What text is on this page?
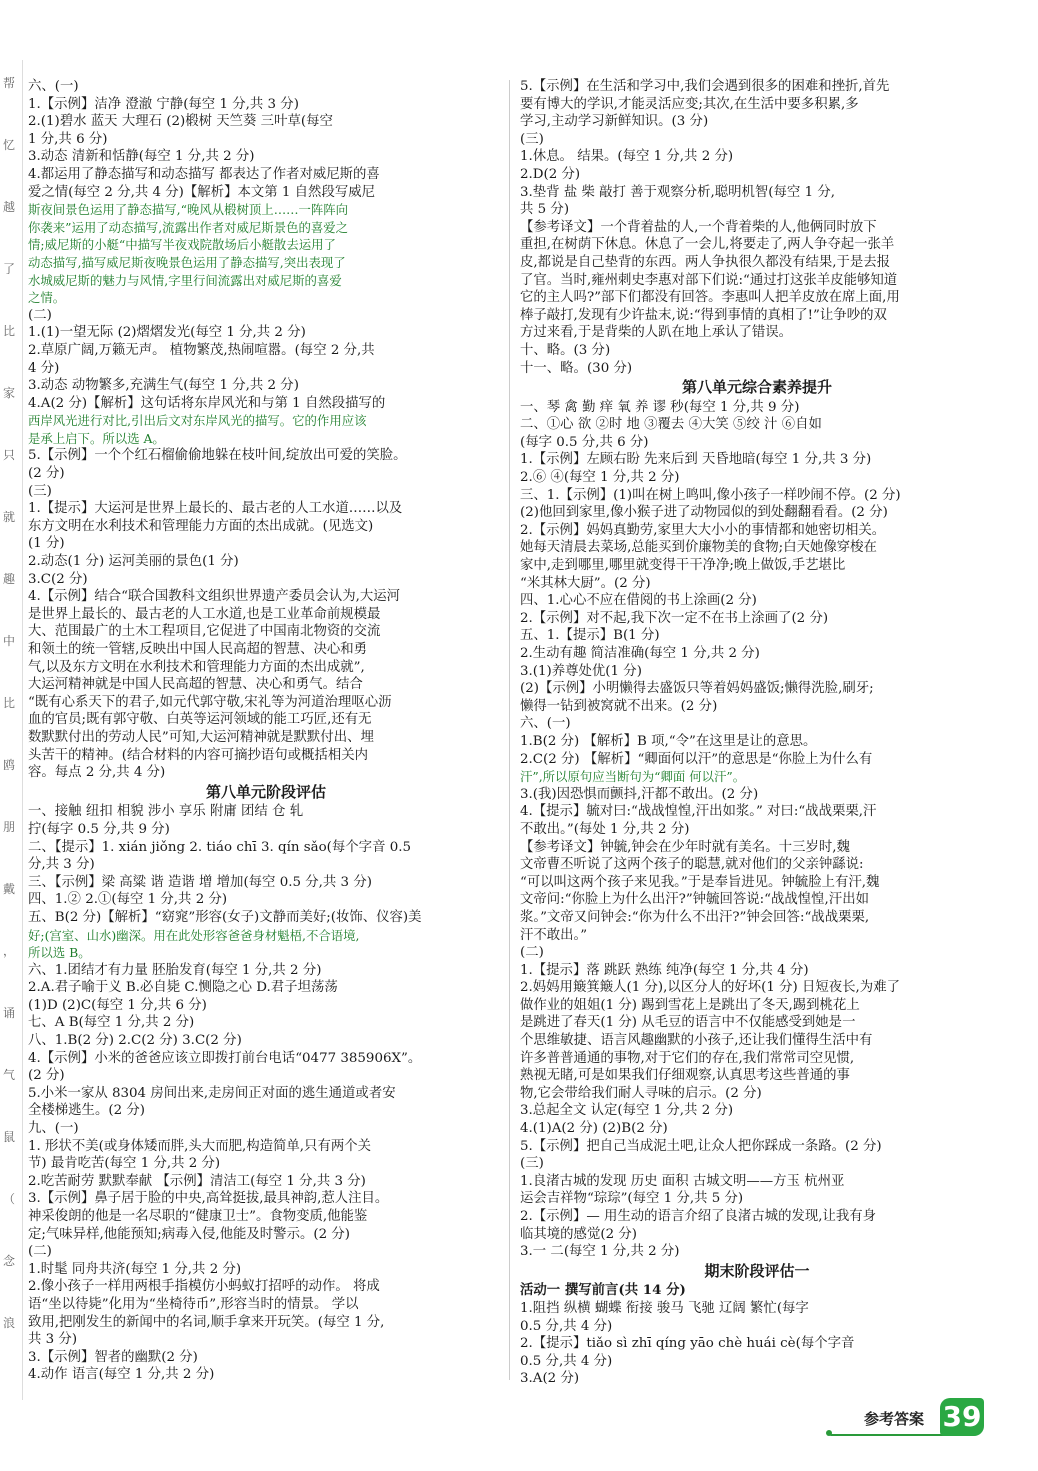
帮
忆
越
了
比
家
只
就
趣
中
比
鸥
朋
戴
，
诵
气
鼠
（
念
浪

六、(一)

1.【示例】洁净 澄澈 宁静(每空 1 分,共 3 分)

2.(1)碧水 蓝天 大理石 (2)椴树 天竺葵 三叶草(每空

1 分,共 6 分)

3.动态 清新和恬静(每空 1 分,共 2 分)

4.都运用了静态描写和动态描写 都表达了作者对威尼斯的喜

爱之情(每空 2 分,共 4 分)【解析】本文第 1 自然段写威尼

斯夜间景色运用了静态描写,“晚风从椴树顶上……一阵阵向

你袭来”运用了动态描写,流露出作者对威尼斯景色的喜爱之

情;威尼斯的小艇“中描写半夜戏院散场后小艇散去运用了

动态描写,描写威尼斯夜晚景色运用了静态描写,突出表现了

水城威尼斯的魅力与风情,字里行间流露出对威尼斯的喜爱

之情。

(二)

1.(1)一望无际 (2)熠熠发光(每空 1 分,共 2 分)

2.草原广阔,万籁无声。 植物繁茂,热闹喧嚣。(每空 2 分,共

4 分)

3.动态 动物繁多,充满生气(每空 1 分,共 2 分)

4.A(2 分)【解析】这句话将东岸风光和与第 1 自然段描写的

西岸风光进行对比,引出后文对东岸风光的描写。它的作用应该

是承上启下。所以选 A。

5.【示例】一个个红石榴偷偷地躲在枝叶间,绽放出可爱的笑脸。

(2 分)

(三)

1.【提示】大运河是世界上最长的、最古老的人工水道……以及

东方文明在水利技术和管理能力方面的杰出成就。(见选文)

(1 分)

2.动态(1 分) 运河美丽的景色(1 分)

3.C(2 分)

4.【示例】结合“联合国教科文组织世界遗产委员会认为,大运河

是世界上最长的、最古老的人工水道,也是工业革命前规模最

大、范围最广的土木工程项目,它促进了中国南北物资的交流

和领土的统一管辖,反映出中国人民高超的智慧、决心和勇

气,以及东方文明在水利技术和管理能力方面的杰出成就”,

大运河精神就是中国人民高超的智慧、决心和勇气。结合

“既有心系天下的君子,如元代郭守敬,宋礼等为河道治理呕心沥

血的官员;既有郭守敬、白英等运河领域的能工巧匠,还有无

数默默付出的劳动人民”可知,大运河精神就是默默付出、埋

头苦干的精神。(结合材料的内容可摘抄语句或概括相关内

容。每点 2 分,共 4 分)

第八单元阶段评估

一、接触 纽扣 相貌 涉小 享乐 附庸 团结 仓 轧

拧(每字 0.5 分,共 9 分)

二、【提示】1. xián jiǒng 2. tiáo chī 3. qín sǎo(每个字音 0.5

分,共 3 分)

三、【示例】梁 高粱 谐 造谐 增 增加(每空 0.5 分,共 3 分)

四、1.② 2.①(每空 1 分,共 2 分)

五、B(2 分)【解析】“窈窕”形容(女子)文静而美好;(妆饰、仪容)美

好;(宫室、山水)幽深。用在此处形容爸爸身材魁梧,不合语境,

所以选 B。

六、1.团结才有力量 胚胎发育(每空 1 分,共 2 分)

2.A.君子喻于义 B.必自毙 C.恻隐之心 D.君子坦荡荡

(1)D (2)C(每空 1 分,共 6 分)

七、A B(每空 1 分,共 2 分)

八、1.B(2 分) 2.C(2 分) 3.C(2 分)

4.【示例】小米的爸爸应该立即拨打前台电话“0477 385906X”。

(2 分)

5.小米一家从 8304 房间出来,走房间正对面的逃生通道或者安

全楼梯逃生。(2 分)

九、(一)

1. 形状不美(或身体矮而胖,头大而肥,构造简单,只有两个关

节) 最肯吃苦(每空 1 分,共 2 分)

2.吃苦耐劳 默默奉献 【示例】清洁工(每空 1 分,共 3 分)

3.【示例】鼻子居于脸的中央,高耸挺拔,最具神韵,惹人注目。

神采俊朗的他是一名尽职的“健康卫士”。食物变质,他能鉴

定;气味异样,他能预知;病毒入侵,他能及时警示。(2 分)

(二)

1.时髦 同舟共济(每空 1 分,共 2 分)

2.像小孩子一样用两根手指模仿小蚂蚁打招呼的动作。 将成

语“坐以待毙”化用为“坐椅待币”,形容当时的情景。 学以

致用,把刚发生的新闻中的名词,顺手拿来开玩笑。(每空 1 分,

共 3 分)

3.【示例】智者的幽默(2 分)

4.动作 语言(每空 1 分,共 2 分)

5.【示例】在生活和学习中,我们会遇到很多的困难和挫折,首先

要有博大的学识,才能灵活应变;其次,在生活中要多积累,多

学习,主动学习新鲜知识。(3 分)

(三)

1.休息。 结果。(每空 1 分,共 2 分)

2.D(2 分)

3.垫背 盐 柴 敲打 善于观察分析,聪明机智(每空 1 分,

共 5 分)

【参考译文】一个背着盐的人,一个背着柴的人,他俩同时放下

重担,在树荫下休息。休息了一会儿,将要走了,两人争夺起一张羊

皮,都说是自己垫背的东西。两人争执很久都没有结果,于是去报

了官。当时,雍州刺史李惠对部下们说:“通过打这张羊皮能够知道

它的主人吗?”部下们都没有回答。李惠叫人把羊皮放在席上面,用

棒子敲打,发现有少许盐末,说:“得到事情的真相了!”让争吵的双

方过来看,于是背柴的人趴在地上承认了错误。

十、略。(3 分)

十一、略。(30 分)

第八单元综合素养提升

一、琴 禽 勤 痒 氧 养 谬 秒(每空 1 分,共 9 分)

二、①心 欲 ②时 地 ③覆去 ④大笑 ⑤绞 汁 ⑥自如

(每字 0.5 分,共 6 分)

1.【示例】左顾右盼 先来后到 天昏地暗(每空 1 分,共 3 分)

2.⑥ ④(每空 1 分,共 2 分)

三、1.【示例】(1)叫在树上鸣叫,像小孩子一样吵闹不停。(2 分)

(2)他回到家里,像小猴子进了动物园似的到处翻翻看看。(2 分)

2.【示例】妈妈真勤劳,家里大大小小的事情都和她密切相关。

她每天清晨去菜场,总能买到价廉物美的食物;白天她像穿梭在

家中,走到哪里,哪里就变得干干净净;晚上做饭,手艺堪比

“米其林大厨”。(2 分)

四、1.心心不应在借阅的书上涂画(2 分)

2.【示例】对不起,我下次一定不在书上涂画了(2 分)

五、1.【提示】B(1 分)

2.生动有趣 简洁准确(每空 1 分,共 2 分)

3.(1)养尊处优(1 分)

(2)【示例】小明懒得去盛饭只等着妈妈盛饭;懒得洗脸,刷牙;

懒得一钻到被窝就不出来。(2 分)

六、(一)

1.B(2 分) 【解析】B 项,“令”在这里是让的意思。

2.C(2 分) 【解析】“卿面何以汗”的意思是“你脸上为什么有

汗”,所以原句应当断句为“卿面 何以汗”。

3.(我)因恐惧而颤抖,汗都不敢出。(2 分)

4.【提示】毓对曰:“战战惶惶,汗出如浆。” 对曰:“战战栗栗,汗

不敢出。”(每处 1 分,共 2 分)

【参考译文】钟毓,钟会在少年时就有美名。十三岁时,魏

文帝曹丕听说了这两个孩子的聪慧,就对他们的父亲钟繇说:

“可以叫这两个孩子来见我。”于是奉旨进见。钟毓脸上有汗,魏

文帝问:“你脸上为什么出汗?”钟毓回答说:“战战惶惶,汗出如

浆。”文帝又问钟会:“你为什么不出汗?”钟会回答:“战战栗栗,

汗不敢出。”

(二)

1.【提示】落 跳跃 熟练 纯净(每空 1 分,共 4 分)

2.妈妈用簸箕簸人(1 分),以区分人的好坏(1 分) 日短夜长,为难了

做作业的姐姐(1 分) 踢到雪花上是跳出了冬天,踢到桃花上

是跳进了春天(1 分) 从毛豆的语言中不仅能感受到她是一

个思维敏捷、语言风趣幽默的小孩子,还让我们懂得生活中有

许多普普通通的事物,对于它们的存在,我们常常司空见惯,

熟视无睹,可是如果我们仔细观察,认真思考这些普通的事

物,它会带给我们耐人寻味的启示。(2 分)

3.总起全文 认定(每空 1 分,共 2 分)

4.(1)A(2 分) (2)B(2 分)

5.【示例】把自己当成泥土吧,让众人把你踩成一条路。(2 分)

(三)

1.良渚古城的发现 历史 面积 古城文明——方玉 杭州亚

运会吉祥物“琮琮”(每空 1 分,共 5 分)

2.【示例】— 用生动的语言介绍了良渚古城的发现,让我有身

临其境的感觉(2 分)

3.一 二(每空 1 分,共 2 分)

期末阶段评估一

活动一 撰写前言(共 14 分)

1.阻挡 纵横 蝴蝶 衔接 骏马 飞驰 辽阔 繁忙(每字

0.5 分,共 4 分)

2.【提示】tiǎo sì zhī qíng yāo chè huái cè(每个字音

0.5 分,共 4 分)

3.A(2 分)

参考答案 39
